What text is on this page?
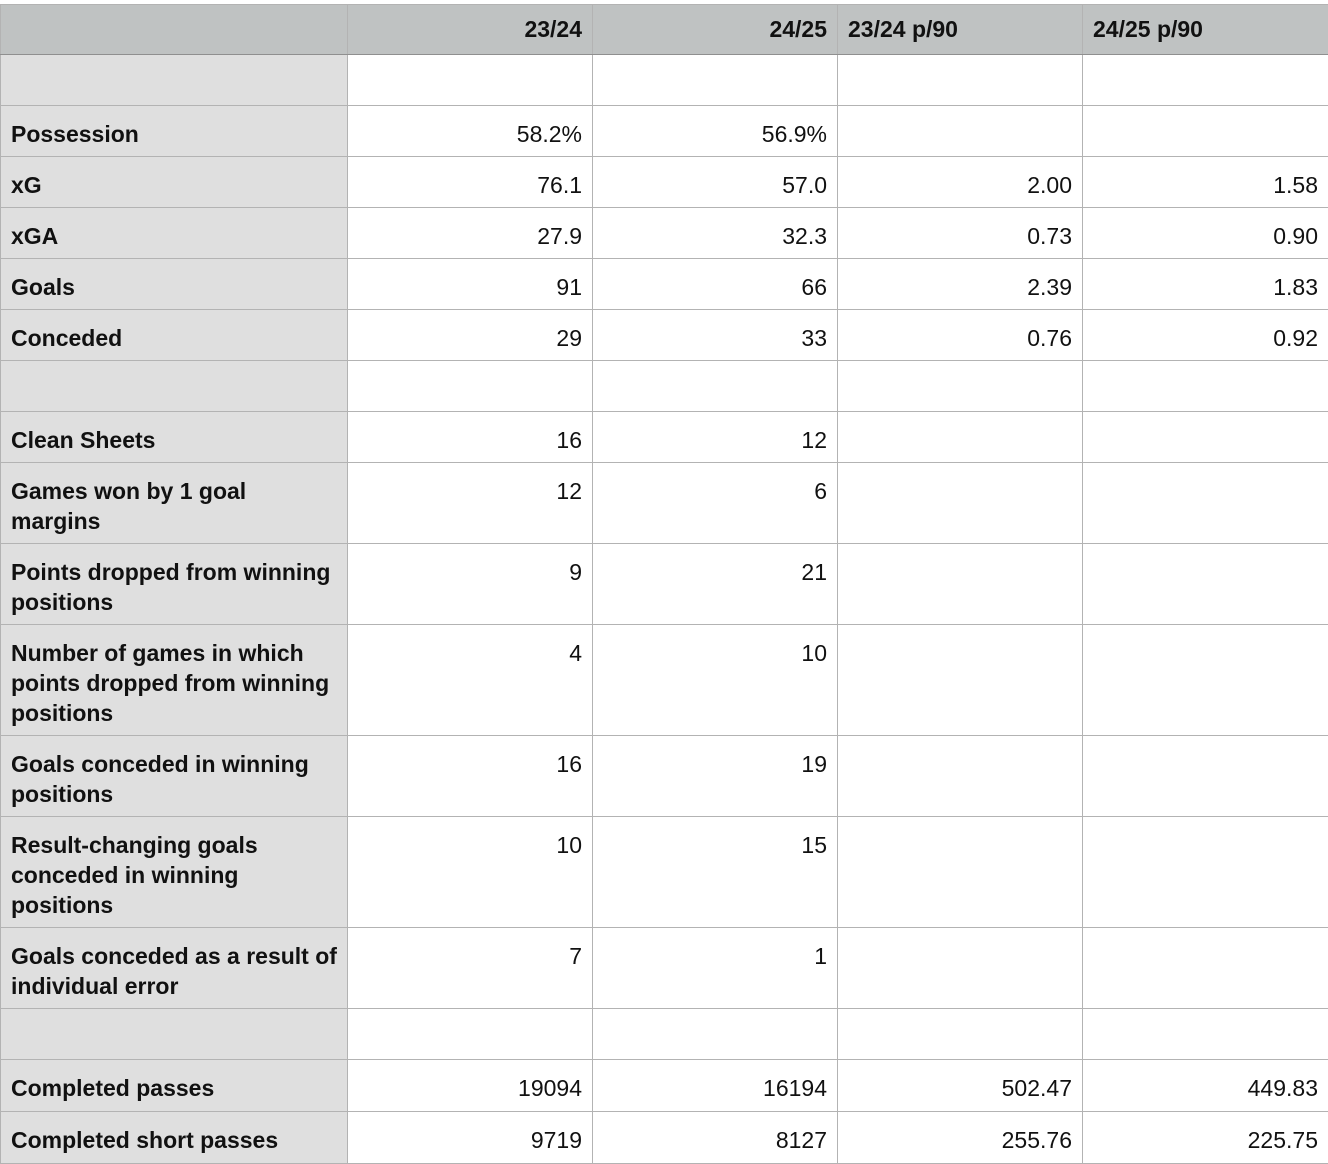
	23/24	24/25	23/24 p/90	24/25 p/90

Possession	58.2%	56.9%		
xG	76.1	57.0	2.00	1.58
xGA	27.9	32.3	0.73	0.90
Goals	91	66	2.39	1.83
Conceded	29	33	0.76	0.92

Clean Sheets	16	12		
Games won by 1 goal margins	12	6		
Points dropped from winning positions	9	21		
Number of games in which points dropped from winning positions	4	10		
Goals conceded in winning positions	16	19		
Result-changing goals conceded in winning positions	10	15		
Goals conceded as a result of individual error	7	1		

Completed passes	19094	16194	502.47	449.83
Completed short passes	9719	8127	255.76	225.75
